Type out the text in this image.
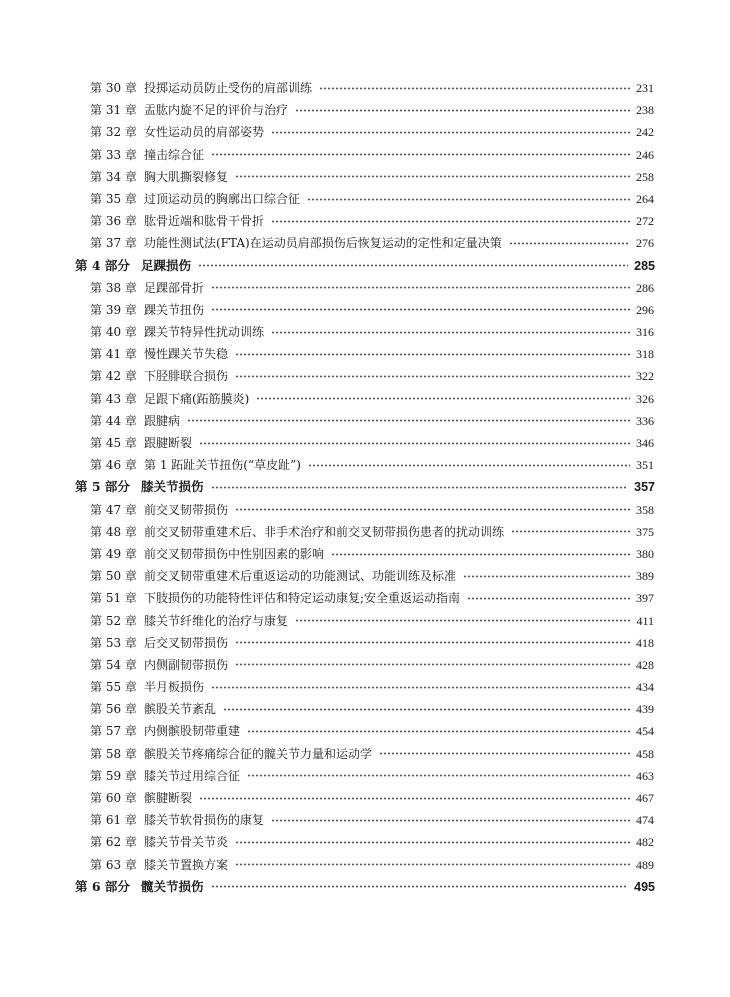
第 30 章 投掷运动员防止受伤的肩部训练	231
第 31 章 盂肱内旋不足的评价与治疗	238
第 32 章 女性运动员的肩部姿势	242
第 33 章 撞击综合征	246
第 34 章 胸大肌撕裂修复	258
第 35 章 过顶运动员的胸廓出口综合征	264
第 36 章 肱骨近端和肱骨干骨折	272
第 37 章 功能性测试法(FTA)在运动员肩部损伤后恢复运动的定性和定量决策	276
第 4 部分 足踝损伤	285
第 38 章 足踝部骨折	286
第 39 章 踝关节扭伤	296
第 40 章 踝关节特异性扰动训练	316
第 41 章 慢性踝关节失稳	318
第 42 章 下胫腓联合损伤	322
第 43 章 足跟下痛(跖筋膜炎)	326
第 44 章 跟腱病	336
第 45 章 跟腱断裂	346
第 46 章 第 1 跖趾关节扭伤(“草皮趾”)	351
第 5 部分 膝关节损伤	357
第 47 章 前交叉韧带损伤	358
第 48 章 前交叉韧带重建术后、非手术治疗和前交叉韧带损伤患者的扰动训练	375
第 49 章 前交叉韧带损伤中性别因素的影响	380
第 50 章 前交叉韧带重建术后重返运动的功能测试、功能训练及标准	389
第 51 章 下肢损伤的功能特性评估和特定运动康复;安全重返运动指南	397
第 52 章 膝关节纤维化的治疗与康复	411
第 53 章 后交叉韧带损伤	418
第 54 章 内侧副韧带损伤	428
第 55 章 半月板损伤	434
第 56 章 髌股关节紊乱	439
第 57 章 内侧髌股韧带重建	454
第 58 章 髌股关节疼痛综合征的髋关节力量和运动学	458
第 59 章 膝关节过用综合征	463
第 60 章 髌腱断裂	467
第 61 章 膝关节软骨损伤的康复	474
第 62 章 膝关节骨关节炎	482
第 63 章 膝关节置换方案	489
第 6 部分 髋关节损伤	495
